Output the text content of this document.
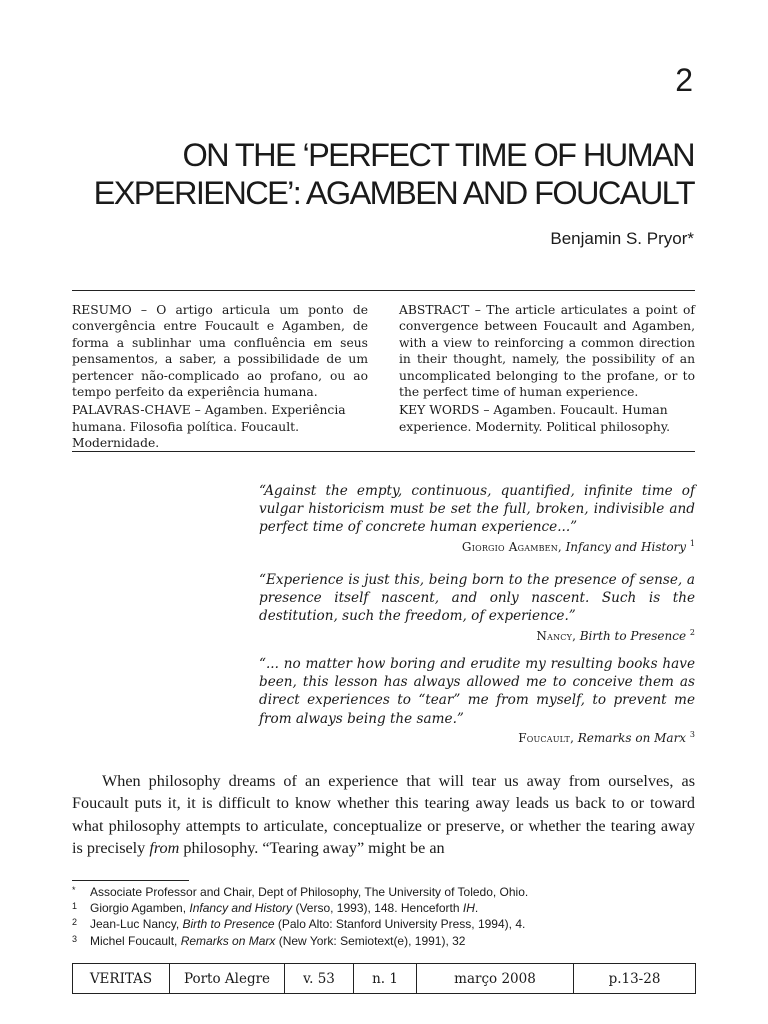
2
ON THE ‘PERFECT TIME OF HUMAN
EXPERIENCE’: AGAMBEN AND FOUCAULT
Benjamin S. Pryor*

RESUMO – O artigo articula um ponto de convergência entre Foucault e Agamben, de forma a sublinhar uma confluência em seus pensamentos, a saber, a possibilidade de um pertencer não-complicado ao profano, ou ao tempo perfeito da experiência humana.

PALAVRAS-CHAVE – Agamben. Experiência humana. Filosofia política. Foucault. Modernidade.

ABSTRACT – The article articulates a point of convergence between Foucault and Agamben, with a view to reinforcing a common direction in their thought, namely, the possibility of an uncomplicated belonging to the profane, or to the perfect time of human experience.

KEY WORDS – Agamben. Foucault. Human experience. Modernity. Political philosophy.

“Against the empty, continuous, quantified, infinite time of vulgar historicism must be set the full, broken, indivisible and perfect time of concrete human experience...”

Giorgio Agamben, Infancy and History $^1$

“Experience is just this, being born to the presence of sense, a presence itself nascent, and only nascent. Such is the destitution, such the freedom, of experience.”

Nancy, Birth to Presence $^2$

“... no matter how boring and erudite my resulting books have been, this lesson has always allowed me to conceive them as direct experiences to “tear” me from myself, to prevent me from always being the same.”

Foucault, Remarks on Marx $^3$

When philosophy dreams of an experience that will tear us away from ourselves, as Foucault puts it, it is difficult to know whether this tearing away leads us back to or toward what philosophy attempts to articulate, conceptualize or preserve, or whether the tearing away is precisely from philosophy. “Tearing away” might be an

* Associate Professor and Chair, Dept of Philosophy, The University of Toledo, Ohio.
1 Giorgio Agamben, Infancy and History (Verso, 1993), 148. Henceforth IH.
2 Jean-Luc Nancy, Birth to Presence (Palo Alto: Stanford University Press, 1994), 4.
3 Michel Foucault, Remarks on Marx (New York: Semiotext(e), 1991), 32
VERITAS	Porto Alegre	v. 53	n. 1	março 2008	p.13-28
